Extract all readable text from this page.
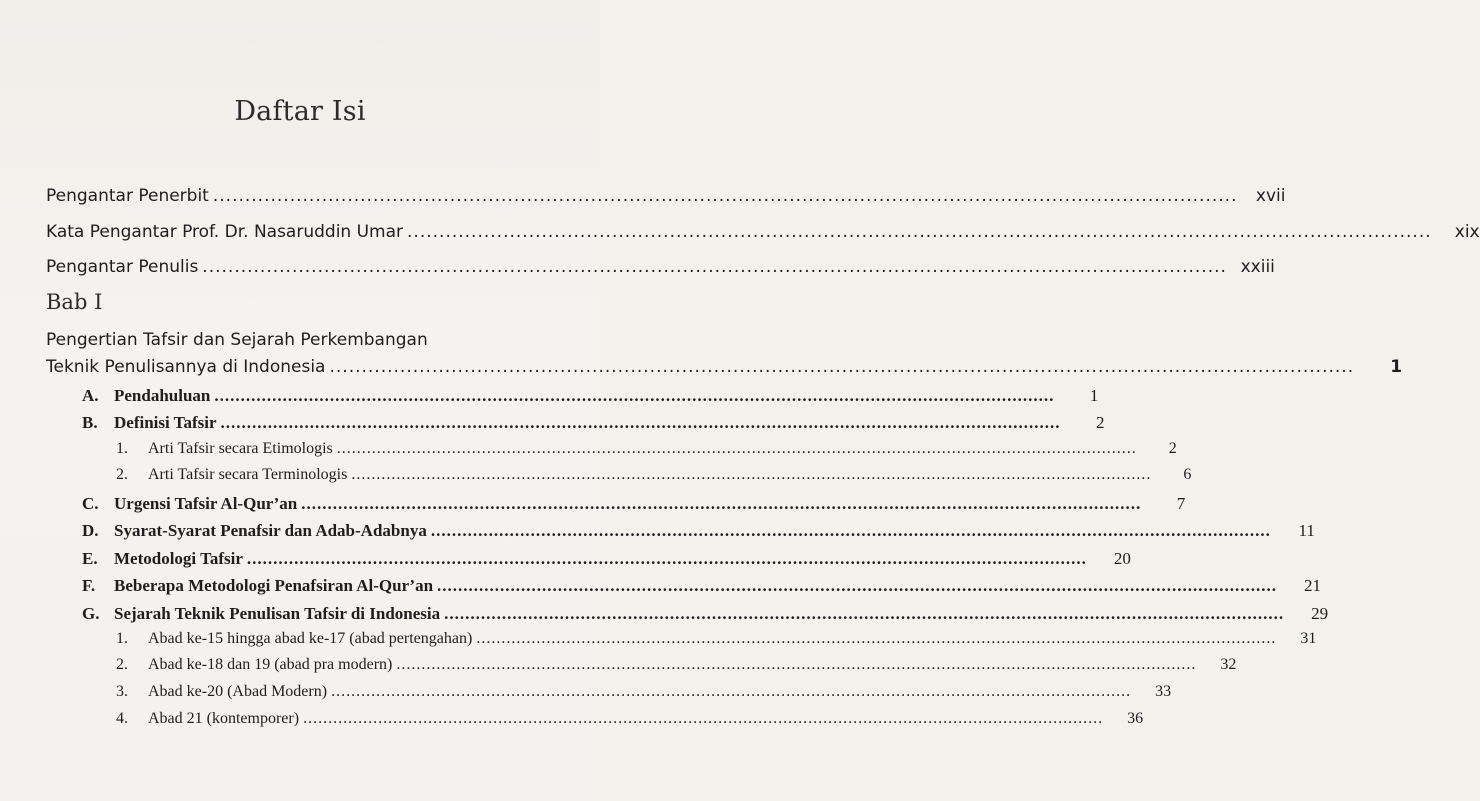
Daftar Isi
Pengantar Penerbit ................................................................................................................................................................	xvii
Kata Pengantar Prof. Dr. Nasaruddin Umar ................................................................................................................................................................	xix
Pengantar Penulis ................................................................................................................................................................ xxiii
Bab I
Pengertian Tafsir dan Sejarah Perkembangan
Teknik Penulisannya di Indonesia ................................................................................................................................................................	1
A. Pendahuluan ................................................................................................................................................................	1
B. Definisi Tafsir ................................................................................................................................................................	2
1.	Arti Tafsir secara Etimologis ................................................................................................................................................................	2
2.	Arti Tafsir secara Terminologis ................................................................................................................................................................	6
C. Urgensi Tafsir Al-Qur’an ................................................................................................................................................................	7
D. Syarat-Syarat Penafsir dan Adab-Adabnya ................................................................................................................................................................	11
E. Metodologi Tafsir ................................................................................................................................................................	20
F.	Beberapa Metodologi Penafsiran Al-Qur’an ................................................................................................................................................................	21
G. Sejarah Teknik Penulisan Tafsir di Indonesia ................................................................................................................................................................	29
1.	Abad ke-15 hingga abad ke-17 (abad pertengahan) ................................................................................................................................................................	31
2.	Abad ke-18 dan 19 (abad pra modern) ................................................................................................................................................................	32
3.	Abad ke-20 (Abad Modern) ................................................................................................................................................................	33
4.	Abad 21 (kontemporer) ................................................................................................................................................................	36
